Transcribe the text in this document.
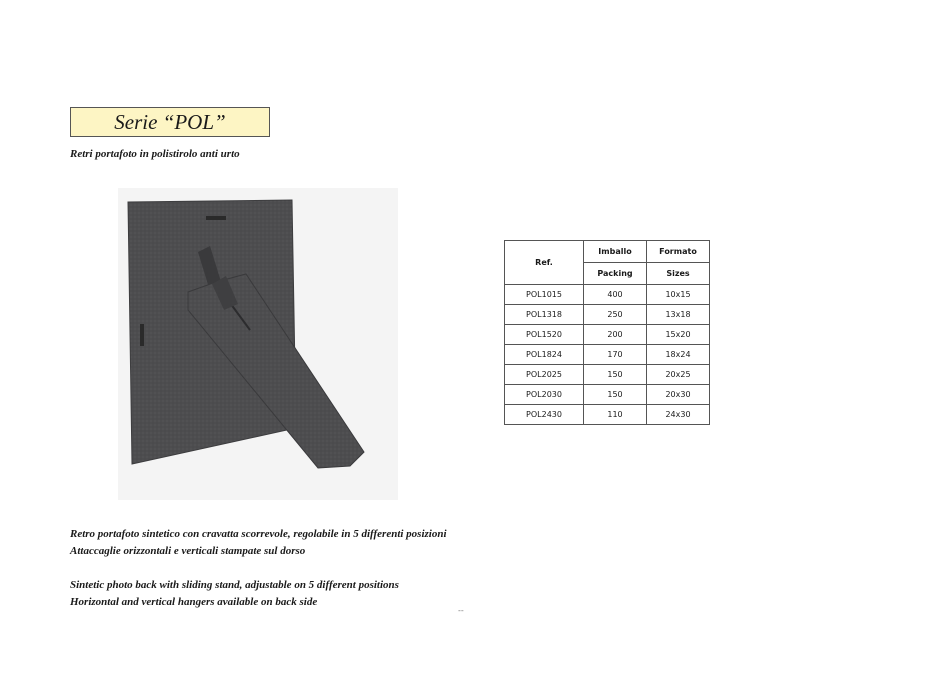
Serie “POL”
Retri portafoto in polistirolo anti urto
Ref.	Imballo	Formato
	Packing	Sizes
POL1015	400	10x15
POL1318	250	13x18
POL1520	200	15x20
POL1824	170	18x24
POL2025	150	20x25
POL2030	150	20x30
POL2430	110	24x30
Retro portafoto sintetico con cravatta scorrevole, regolabile in 5 differenti posizioni
Attaccaglie orizzontali e verticali stampate sul dorso
Sintetic photo back with sliding stand, adjustable on 5 different positions
Horizontal and vertical hangers available on back side
--
